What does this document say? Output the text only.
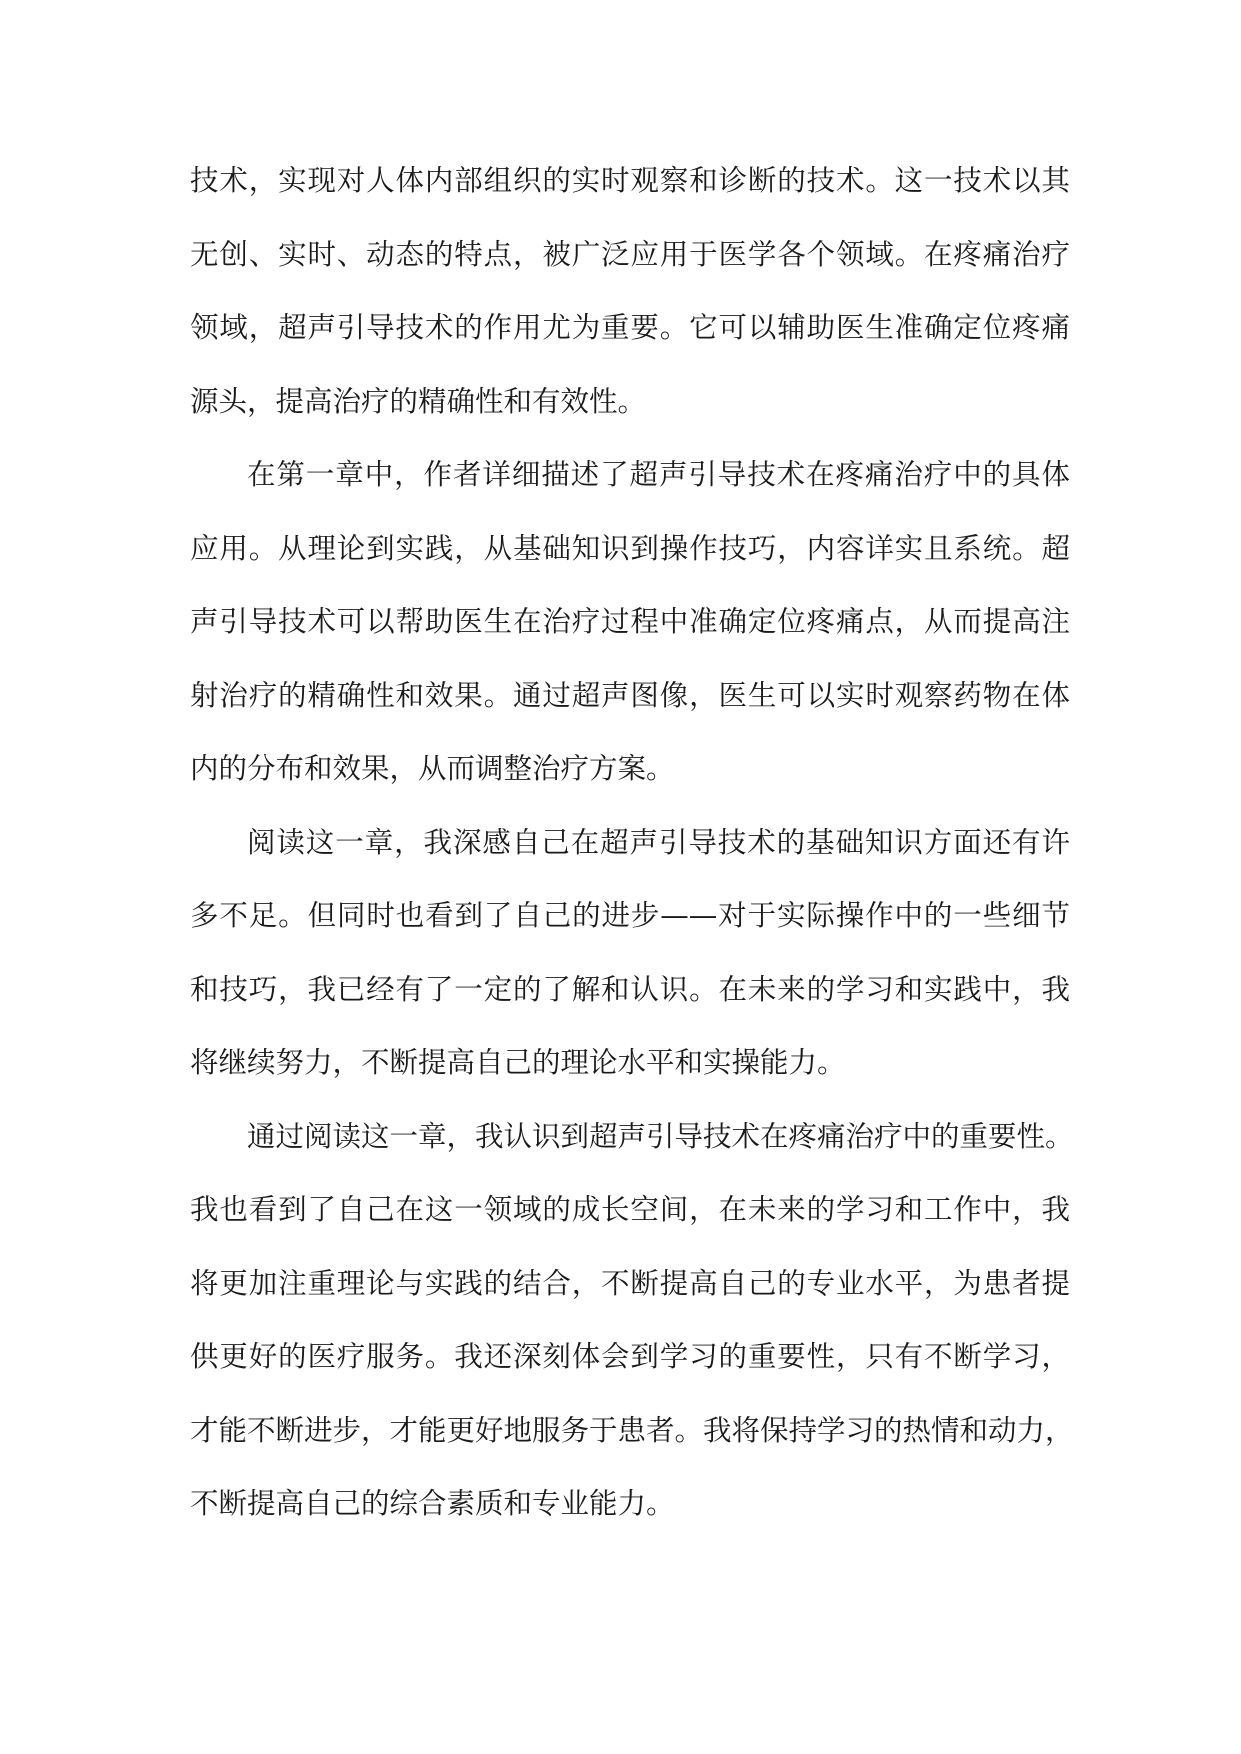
技术，实现对人体内部组织的实时观察和诊断的技术。这一技术以其
无创、实时、动态的特点，被广泛应用于医学各个领域。在疼痛治疗
领域，超声引导技术的作用尤为重要。它可以辅助医生准确定位疼痛
源头，提高治疗的精确性和有效性。
在第一章中，作者详细描述了超声引导技术在疼痛治疗中的具体
应用。从理论到实践，从基础知识到操作技巧，内容详实且系统。超
声引导技术可以帮助医生在治疗过程中准确定位疼痛点，从而提高注
射治疗的精确性和效果。通过超声图像，医生可以实时观察药物在体
内的分布和效果，从而调整治疗方案。
阅读这一章，我深感自己在超声引导技术的基础知识方面还有许
多不足。但同时也看到了自己的进步——对于实际操作中的一些细节
和技巧，我已经有了一定的了解和认识。在未来的学习和实践中，我
将继续努力，不断提高自己的理论水平和实操能力。
通过阅读这一章，我认识到超声引导技术在疼痛治疗中的重要性。
我也看到了自己在这一领域的成长空间，在未来的学习和工作中，我
将更加注重理论与实践的结合，不断提高自己的专业水平，为患者提
供更好的医疗服务。我还深刻体会到学习的重要性，只有不断学习，
才能不断进步，才能更好地服务于患者。我将保持学习的热情和动力，
不断提高自己的综合素质和专业能力。
